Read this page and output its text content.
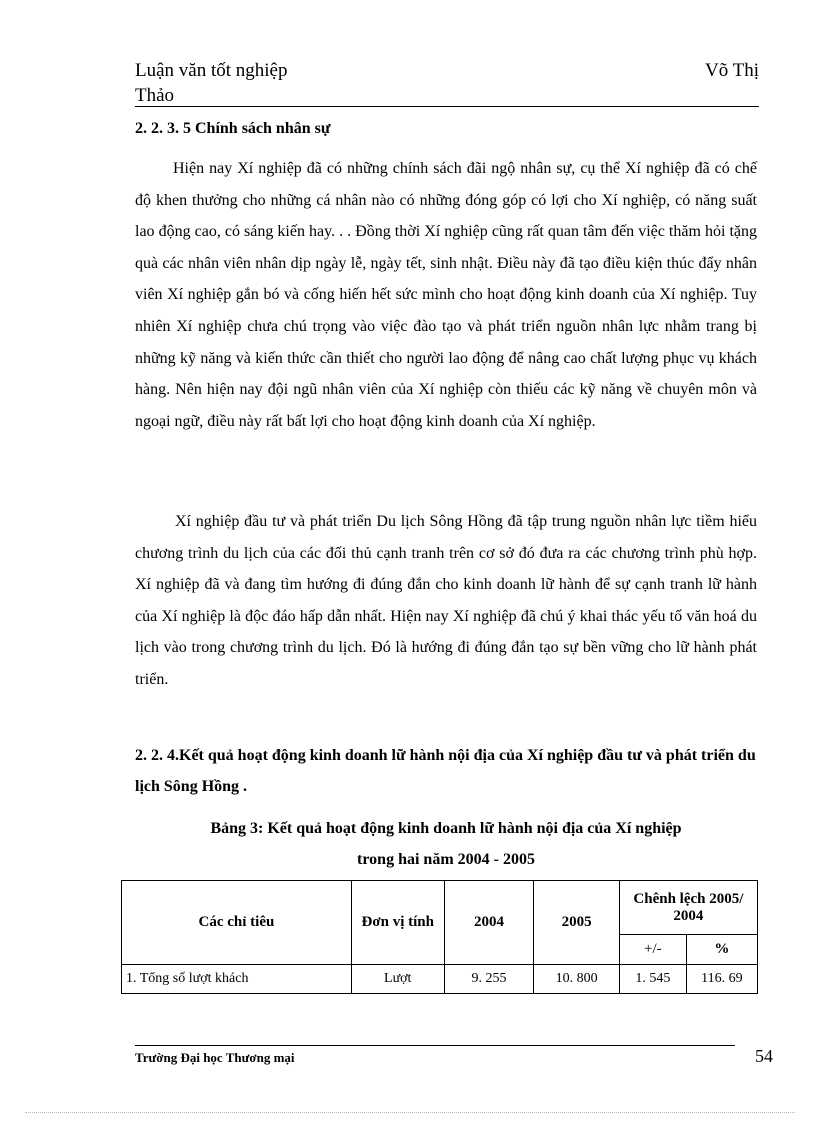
Luận văn tốt nghiệp	Võ Thị
Thảo
2. 2. 3. 5 Chính sách nhân sự

Hiện nay Xí nghiệp đã có những chính sách đãi ngộ nhân sự, cụ thể Xí nghiệp đã có chế độ khen thưởng cho những cá nhân nào có những đóng góp có lợi cho Xí nghiệp, có năng suất lao động cao, có sáng kiến hay. . . Đồng thời Xí nghiệp cũng rất quan tâm đến việc thăm hỏi tặng quà các nhân viên nhân dịp ngày lễ, ngày tết, sinh nhật. Điều này đã tạo điều kiện thúc đẩy nhân viên Xí nghiệp gắn bó và cống hiến hết sức mình cho hoạt động kinh doanh của Xí nghiệp. Tuy nhiên Xí nghiệp chưa chú trọng vào việc đào tạo và phát triển nguồn nhân lực nhằm trang bị những kỹ năng và kiến thức cần thiết cho người lao động để nâng cao chất lượng phục vụ khách hàng. Nên hiện nay đội ngũ nhân viên của Xí nghiệp còn thiếu các kỹ năng về chuyên môn và ngoại ngữ, điều này rất bất lợi cho hoạt động kinh doanh của Xí nghiệp.

Xí nghiệp đầu tư và phát triển Du lịch Sông Hồng đã tập trung nguồn nhân lực tiềm hiểu chương trình du lịch của các đối thủ cạnh tranh trên cơ sở đó đưa ra các chương trình phù hợp. Xí nghiệp đã và đang tìm hướng đi đúng đắn cho kinh doanh lữ hành để sự cạnh tranh lữ hành của Xí nghiệp là độc đáo hấp dẫn nhất. Hiện nay Xí nghiệp đã chú ý khai thác yếu tố văn hoá du lịch vào trong chương trình du lịch. Đó là hướng đi đúng đắn tạo sự bền vững cho lữ hành phát triển.

2. 2. 4.Kết quả hoạt động kinh doanh lữ hành nội địa của Xí nghiệp đầu tư và phát triển du lịch Sông Hồng .

Bảng 3: Kết quả hoạt động kinh doanh lữ hành nội địa của Xí nghiệp

trong hai năm 2004 - 2005

Các chỉ tiêu	Đơn vị tính	2004	2005	Chênh lệch 2005/ 2004	
				+/-	%
1. Tổng số lượt khách	Lượt	9. 255	10. 800	1. 545	116. 69
Trường Đại học Thương mại	54
